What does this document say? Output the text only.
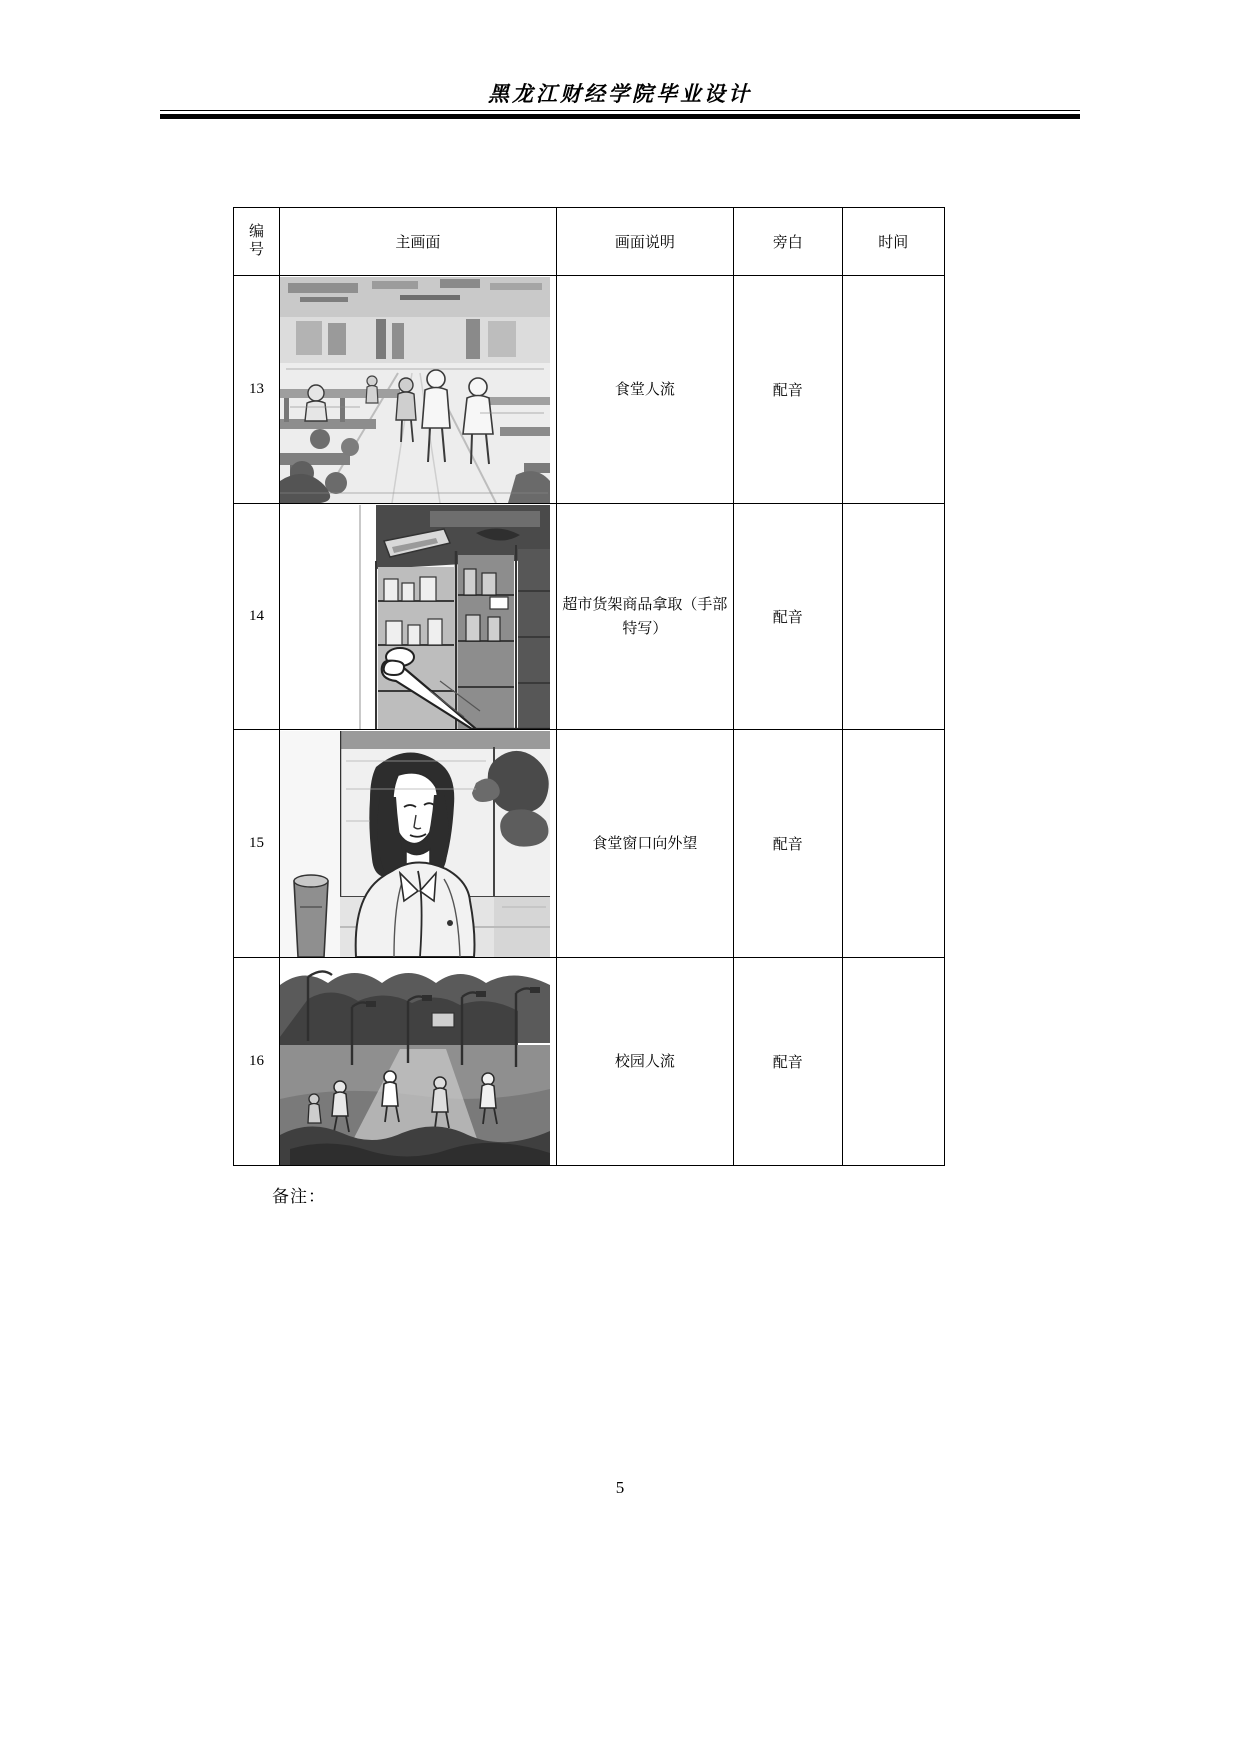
黑龙江财经学院毕业设计
编
号	主画面	画面说明	旁白	时间
13		食堂人流	配音	
14		超市货架商品拿取（手部特写）	配音	
15		食堂窗口向外望	配音	
16		校园人流	配音	
备注：
5
